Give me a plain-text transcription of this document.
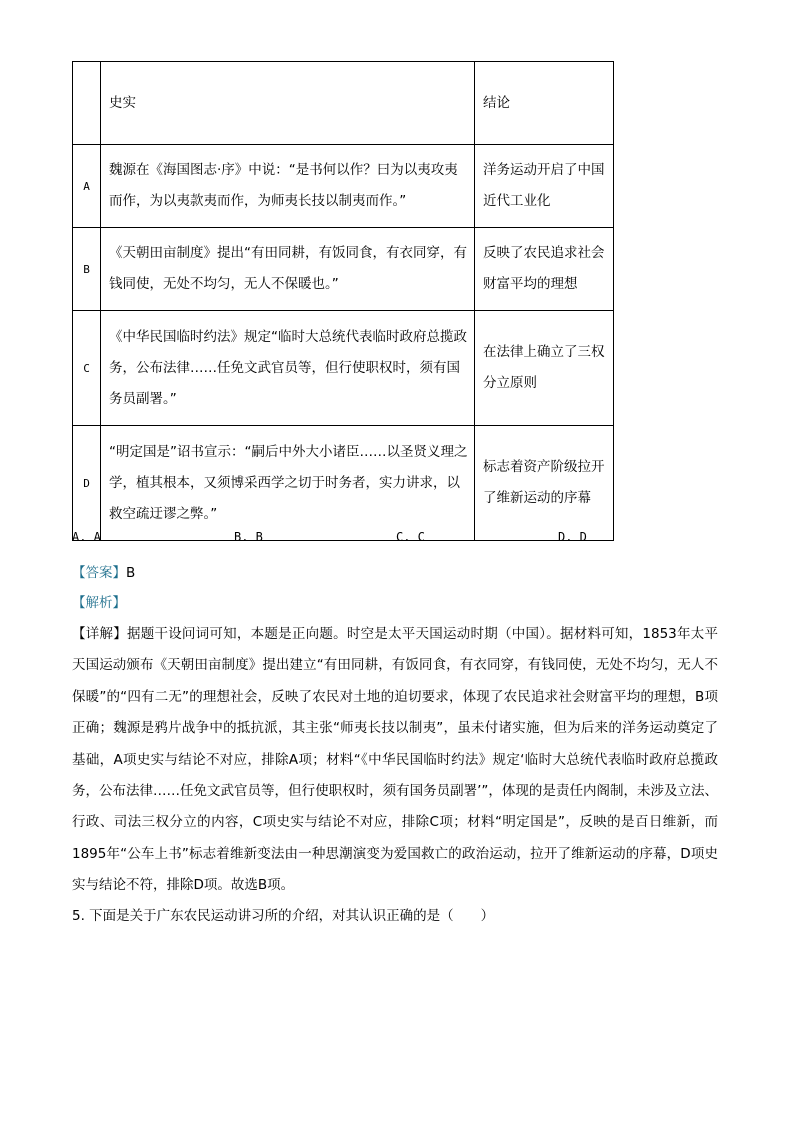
	史实	结论
A	魏源在《海国图志·序》中说：“是书何以作？曰为以夷攻夷而作，为以夷款夷而作，为师夷长技以制夷而作。”	洋务运动开启了中国近代工业化
B	《天朝田亩制度》提出“有田同耕，有饭同食，有衣同穿，有钱同使，无处不均匀，无人不保暖也。”	反映了农民追求社会财富平均的理想
C	《中华民国临时约法》规定“临时大总统代表临时政府总揽政务，公布法律……任免文武官员等，但行使职权时，须有国务员副署。”	在法律上确立了三权分立原则
D	“明定国是”诏书宣示：“嗣后中外大小诸臣……以圣贤义理之学，植其根本，又须博采西学之切于时务者，实力讲求，以救空疏迂谬之弊。”	标志着资产阶级拉开了维新运动的序幕
A. A	B. B	C. C	D. D
【答案】B
【解析】
【详解】据题干设问词可知，本题是正向题。时空是太平天国运动时期（中国）。据材料可知，1853年太平天国运动颁布《天朝田亩制度》提出建立“有田同耕，有饭同食，有衣同穿，有钱同使，无处不均匀，无人不保暖”的“四有二无”的理想社会，反映了农民对土地的迫切要求，体现了农民追求社会财富平均的理想，B项正确；魏源是鸦片战争中的抵抗派，其主张“师夷长技以制夷”，虽未付诸实施，但为后来的洋务运动奠定了基础，A项史实与结论不对应，排除A项；材料“《中华民国临时约法》规定‘临时大总统代表临时政府总揽政务，公布法律……任免文武官员等，但行使职权时，须有国务员副署’”，体现的是责任内阁制，未涉及立法、行政、司法三权分立的内容，C项史实与结论不对应，排除C项；材料“明定国是”，反映的是百日维新，而1895年“公车上书”标志着维新变法由一种思潮演变为爱国救亡的政治运动，拉开了维新运动的序幕，D项史实与结论不符，排除D项。故选B项。
5. 下面是关于广东农民运动讲习所的介绍，对其认识正确的是（　　）
